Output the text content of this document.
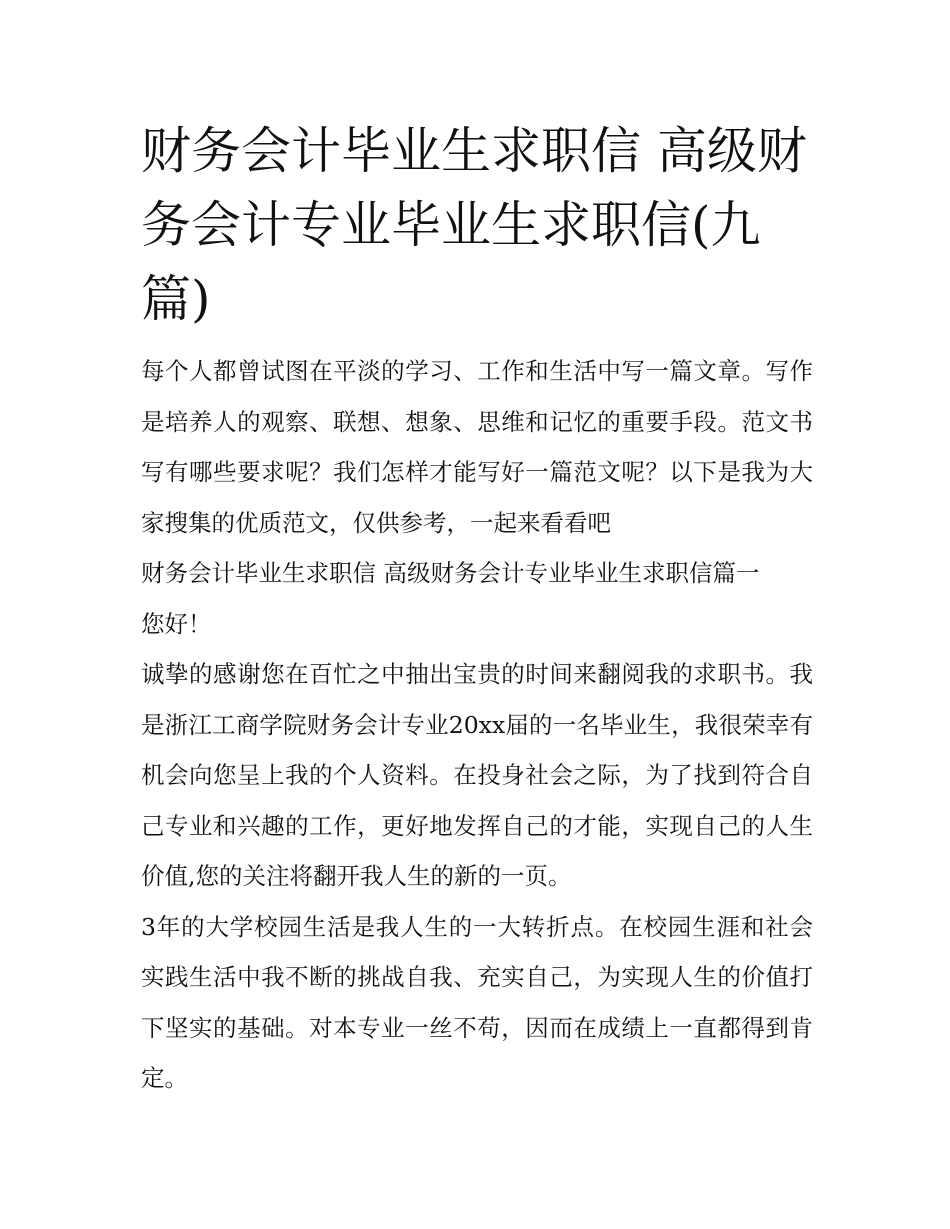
财务会计毕业生求职信 高级财务会计专业毕业生求职信(九篇)

每个人都曾试图在平淡的学习、工作和生活中写一篇文章。写作是培养人的观察、联想、想象、思维和记忆的重要手段。范文书写有哪些要求呢？我们怎样才能写好一篇范文呢？以下是我为大家搜集的优质范文，仅供参考，一起来看看吧

财务会计毕业生求职信 高级财务会计专业毕业生求职信篇一

您好！

诚挚的感谢您在百忙之中抽出宝贵的时间来翻阅我的求职书。我是浙江工商学院财务会计专业20xx届的一名毕业生，我很荣幸有机会向您呈上我的个人资料。在投身社会之际，为了找到符合自己专业和兴趣的工作，更好地发挥自己的才能，实现自己的人生价值,您的关注将翻开我人生的新的一页。

3年的大学校园生活是我人生的一大转折点。在校园生涯和社会实践生活中我不断的挑战自我、充实自己，为实现人生的价值打下坚实的基础。对本专业一丝不苟，因而在成绩上一直都得到肯定。
